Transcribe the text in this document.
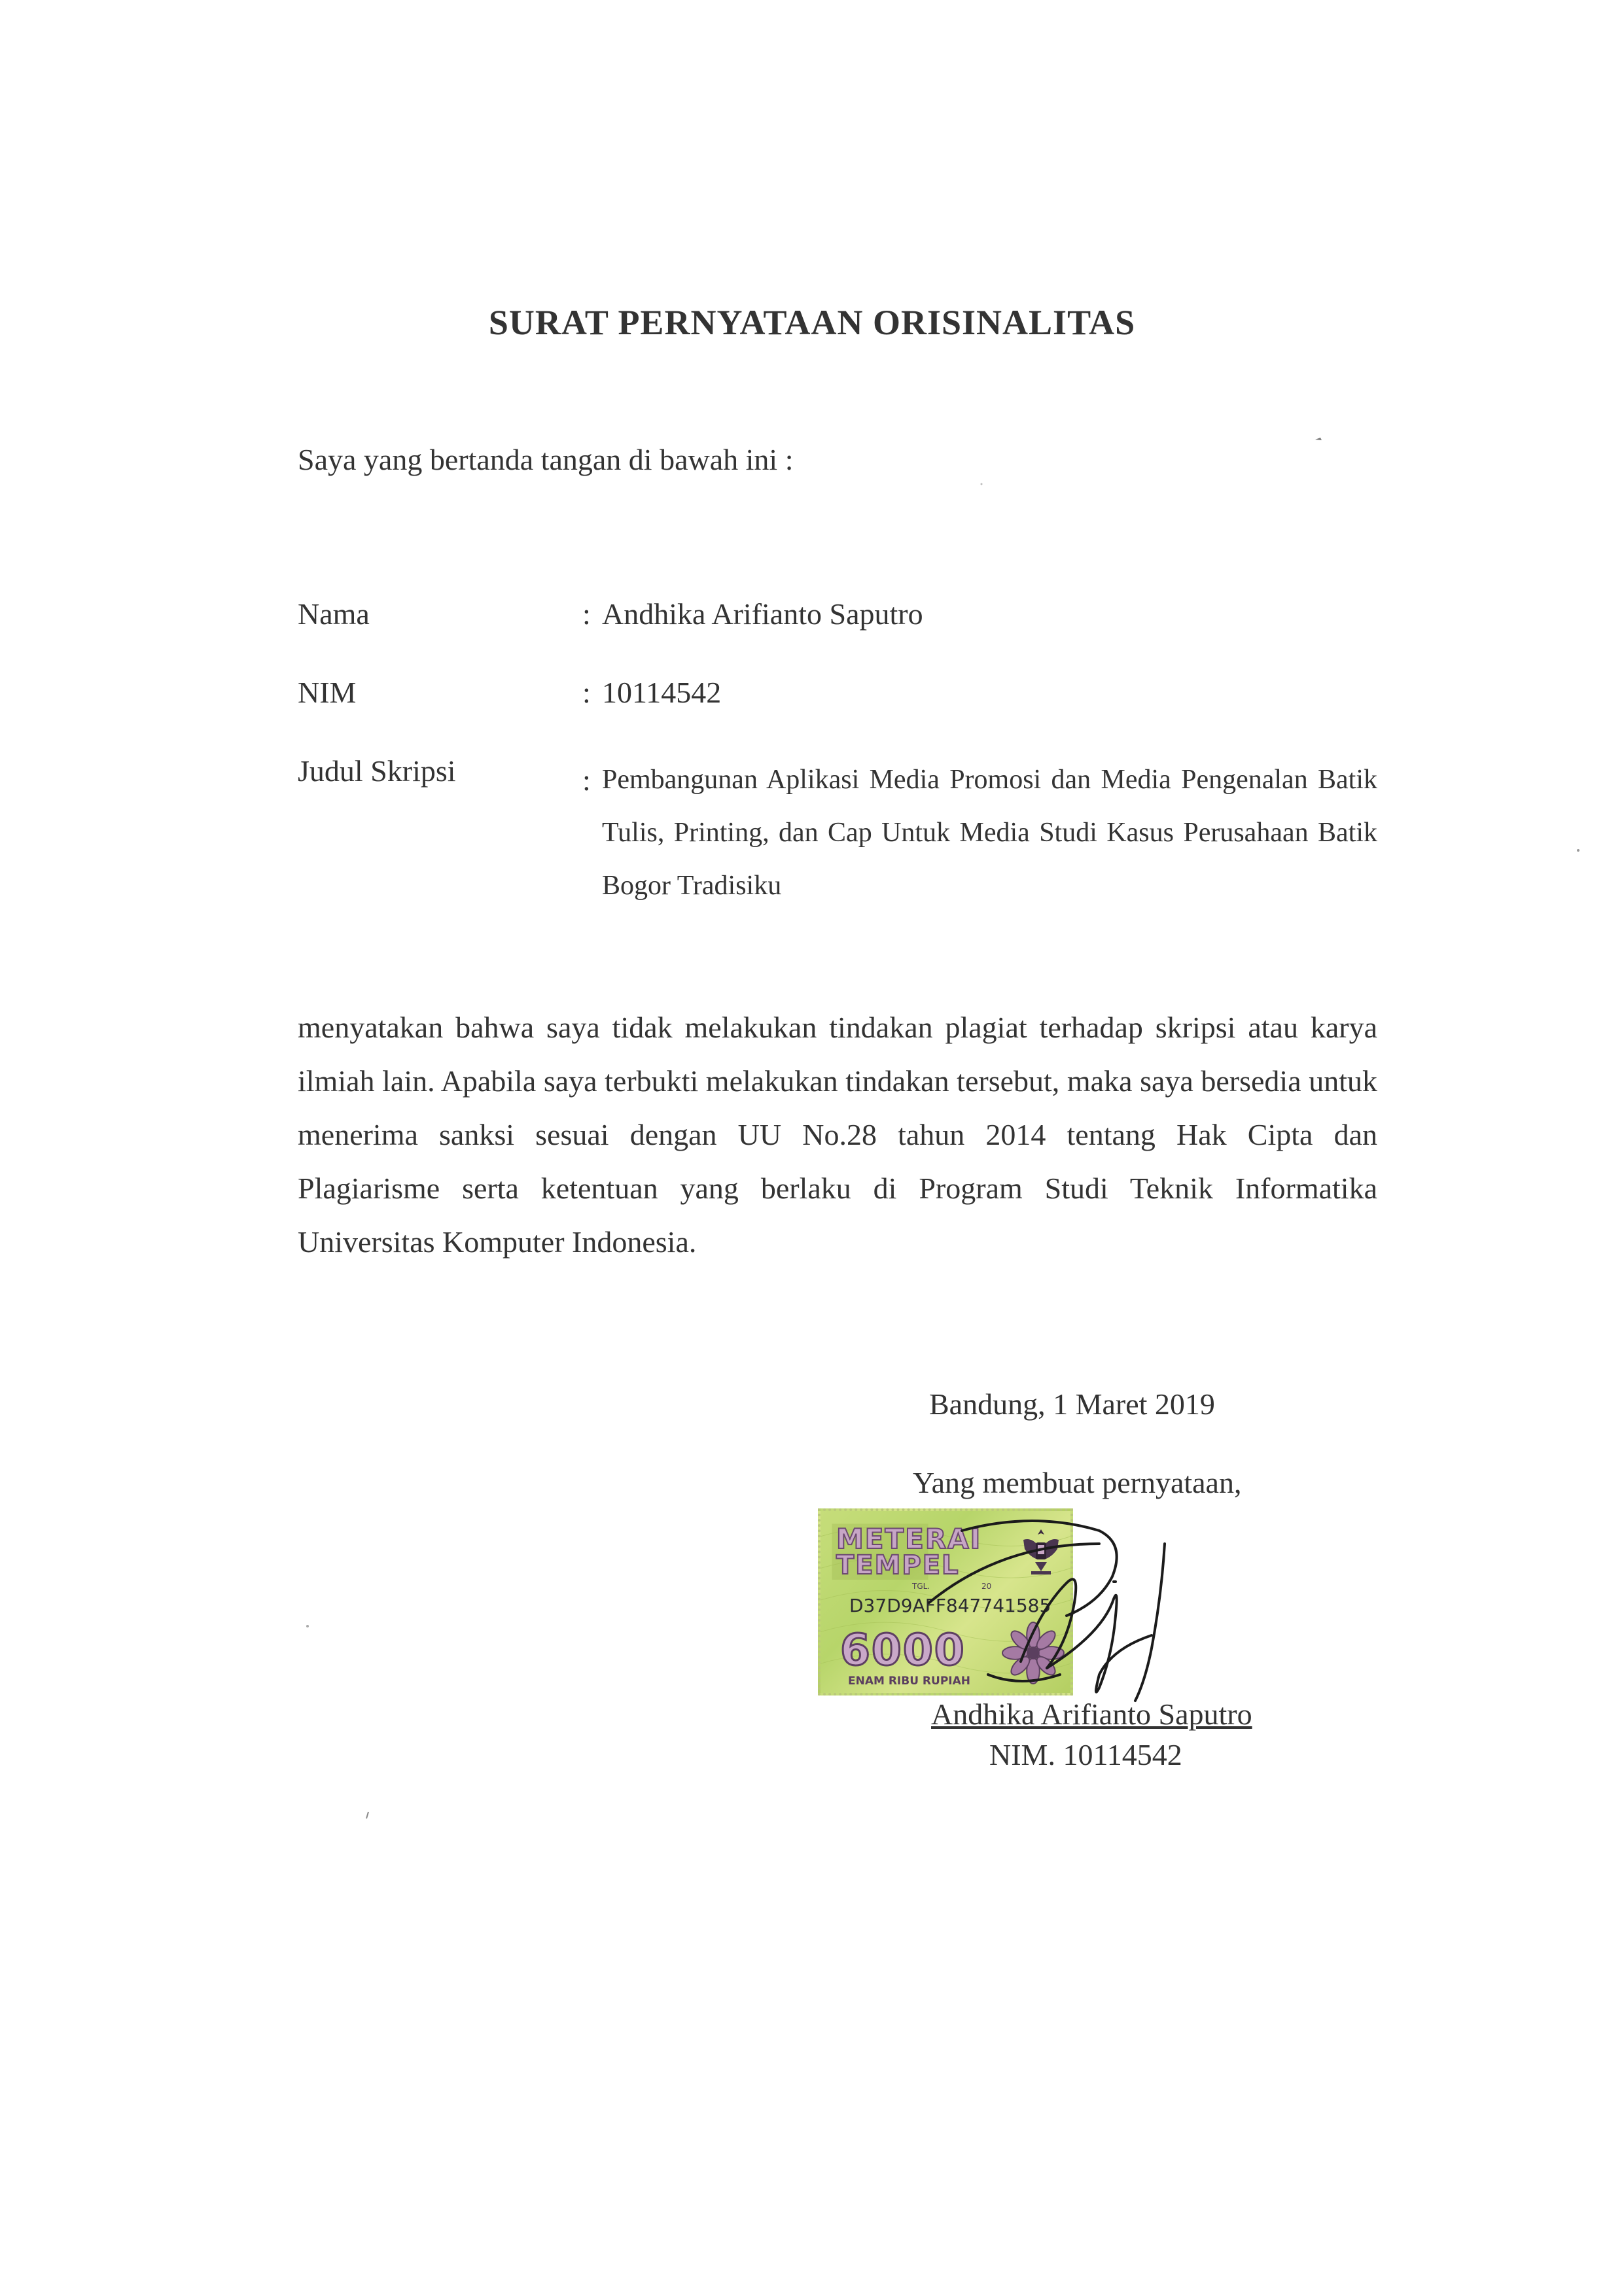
SURAT PERNYATAAN ORISINALITAS
Saya yang bertanda tangan di bawah ini :
Nama	: Andhika Arifianto Saputro
NIM	: 10114542
Judul Skripsi	: Pembangunan Aplikasi Media Promosi dan Media Pengenalan Batik Tulis, Printing, dan Cap Untuk Media Studi Kasus Perusahaan Batik Bogor Tradisiku
menyatakan bahwa saya tidak melakukan tindakan plagiat terhadap skripsi atau karya ilmiah lain. Apabila saya terbukti melakukan tindakan tersebut, maka saya bersedia untuk menerima sanksi sesuai dengan UU No.28 tahun 2014 tentang Hak Cipta dan Plagiarisme serta ketentuan yang berlaku di Program Studi Teknik Informatika Universitas Komputer Indonesia.
Bandung, 1 Maret 2019
Yang membuat pernyataan,
METERAI
TEMPEL
TGL.	20
D37D9AFF847741585
6000
ENAM RIBU RUPIAH
Andhika Arifianto Saputro
NIM. 10114542
